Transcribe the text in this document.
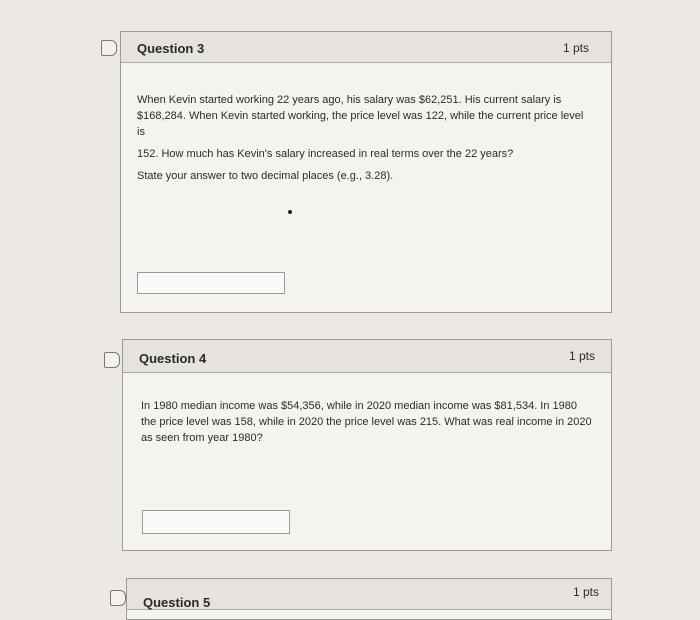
Question 3	1 pts

When Kevin started working 22 years ago, his salary was $62,251. His current salary is $168,284. When Kevin started working, the price level was 122, while the current price level is

152. How much has Kevin's salary increased in real terms over the 22 years?

State your answer to two decimal places (e.g., 3.28).

Question 4	1 pts

In 1980 median income was $54,356, while in 2020 median income was $81,534. In 1980 the price level was 158, while in 2020 the price level was 215. What was real income in 2020 as seen from year 1980?

Question 5
1 pts
